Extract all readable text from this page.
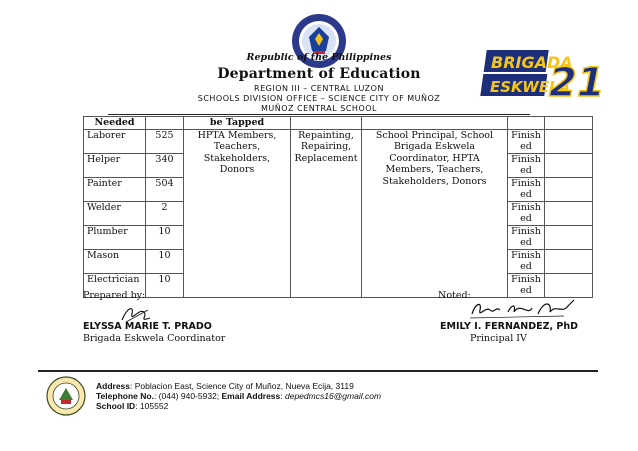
Republic of the Philippines
Department of Education
REGION III – CENTRAL LUZON
SCHOOLS DIVISION OFFICE – SCIENCE CITY OF MUÑOZ
MUÑOZ CENTRAL SCHOOL
BRIGADA
ESKWELA
21
Needed		be Tapped				
Laborer	525	HPTA Members, Teachers, Stakeholders, Donors	Repainting, Repairing, Replacement	School Principal, School Brigada Eskwela Coordinator, HPTA Members, Teachers, Stakeholders, Donors	Finish
ed	
Helper	340				Finish
ed	
Painter	504				Finish
ed	
Welder	2				Finish
ed	
Plumber	10				Finish
ed	
Mason	10				Finish
ed	
Electrician	10				Finish
ed	
Prepared by:	Noted:
ELYSSA MARIE T. PRADO
Brigada Eskwela Coordinator
EMILY I. FERNANDEZ, PhD
Principal IV
Address: Poblacion East, Science City of Muñoz, Nueva Ecija, 3119
Telephone No.: (044) 940-5932; Email Address: depedmcs16@gmail.com
School ID: 105552
